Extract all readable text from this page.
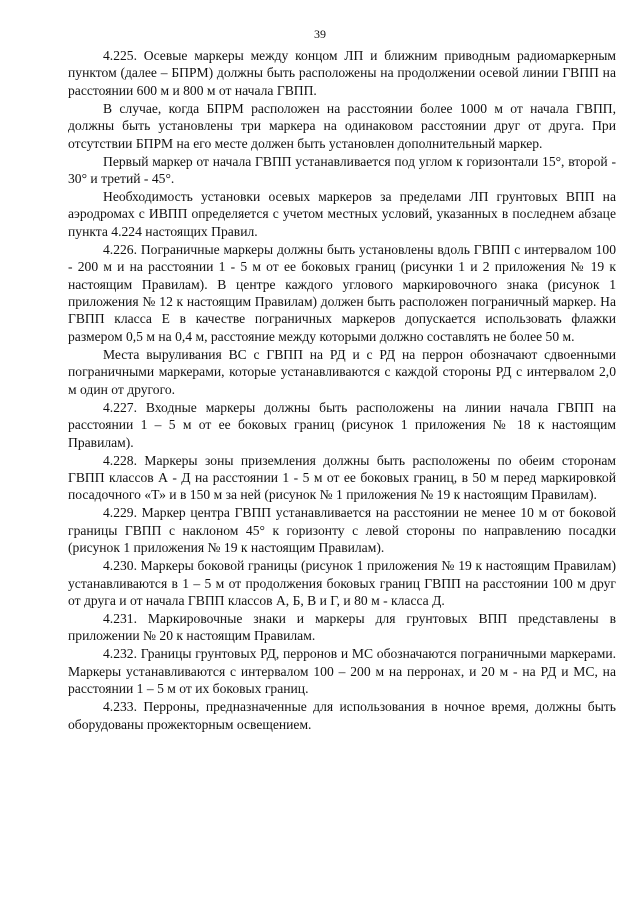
39

4.225. Осевые маркеры между концом ЛП и ближним приводным радиомаркерным пунктом (далее – БПРМ) должны быть расположены на продолжении осевой линии ГВПП на расстоянии 600 м и 800 м от начала ГВПП.

В случае, когда БПРМ расположен на расстоянии более 1000 м от начала ГВПП, должны быть установлены три маркера на одинаковом расстоянии друг от друга. При отсутствии БПРМ на его месте должен быть установлен дополнительный маркер.

Первый маркер от начала ГВПП устанавливается под углом к горизонтали 15°, второй - 30° и третий - 45°.

Необходимость установки осевых маркеров за пределами ЛП грунтовых ВПП на аэродромах с ИВПП определяется с учетом местных условий, указанных в последнем абзаце пункта 4.224 настоящих Правил.

4.226. Пограничные маркеры должны быть установлены вдоль ГВПП с интервалом 100 - 200 м и на расстоянии 1 - 5 м от ее боковых границ (рисунки 1 и 2 приложения № 19 к настоящим Правилам). В центре каждого углового маркировочного знака (рисунок 1 приложения № 12 к настоящим Правилам) должен быть расположен пограничный маркер. На ГВПП класса Е в качестве пограничных маркеров допускается использовать флажки размером 0,5 м на 0,4 м, расстояние между которыми должно составлять не более 50 м.

Места выруливания ВС с ГВПП на РД и с РД на перрон обозначают сдвоенными пограничными маркерами, которые устанавливаются с каждой стороны РД с интервалом 2,0 м один от другого.

4.227. Входные маркеры должны быть расположены на линии начала ГВПП на расстоянии 1 – 5 м от ее боковых границ (рисунок 1 приложения № 18 к настоящим Правилам).

4.228. Маркеры зоны приземления должны быть расположены по обеим сторонам ГВПП классов А - Д на расстоянии 1 - 5 м от ее боковых границ, в 50 м перед маркировкой посадочного «Т» и в 150 м за ней (рисунок № 1 приложения № 19 к настоящим Правилам).

4.229. Маркер центра ГВПП устанавливается на расстоянии не менее 10 м от боковой границы ГВПП с наклоном 45° к горизонту с левой стороны по направлению посадки (рисунок 1 приложения № 19 к настоящим Правилам).

4.230. Маркеры боковой границы (рисунок 1 приложения № 19 к настоящим Правилам) устанавливаются в 1 – 5 м от продолжения боковых границ ГВПП на расстоянии 100 м друг от друга и от начала ГВПП классов А, Б, В и Г, и 80 м - класса Д.

4.231. Маркировочные знаки и маркеры для грунтовых ВПП представлены в приложении № 20 к настоящим Правилам.

4.232. Границы грунтовых РД, перронов и МС обозначаются пограничными маркерами. Маркеры устанавливаются с интервалом 100 – 200 м на перронах, и 20 м - на РД и МС, на расстоянии 1 – 5 м от их боковых границ.

4.233. Перроны, предназначенные для использования в ночное время, должны быть оборудованы прожекторным освещением.
